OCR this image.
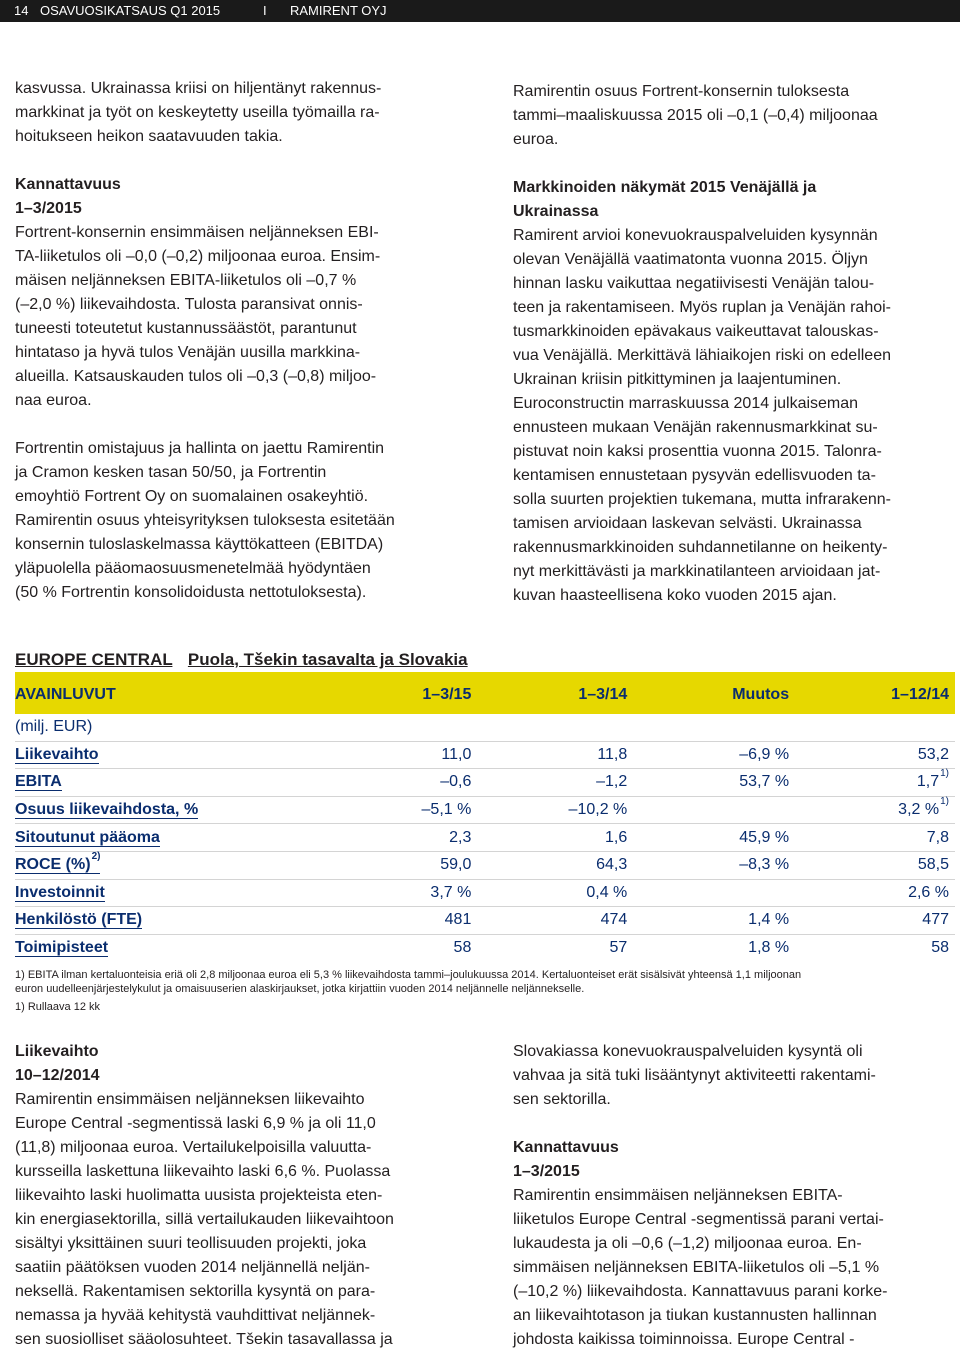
14 OSAVUOSIKATSAUS Q1 2015	I RAMIRENT OYJ

kasvussa. Ukrainassa kriisi on hiljentänyt rakennus-

markkinat ja työt on keskeytetty useilla työmailla ra-

hoitukseen heikon saatavuuden takia.

Kannattavuus

1–3/2015

Fortrent-konsernin ensimmäisen neljänneksen EBI-

TA-liiketulos oli –0,0 (–0,2) miljoonaa euroa. Ensim-

mäisen neljänneksen EBITA-liiketulos oli –0,7 %

(–2,0 %) liikevaihdosta. Tulosta paransivat onnis-

tuneesti toteutetut kustannussäästöt, parantunut

hintataso ja hyvä tulos Venäjän uusilla markkina-

alueilla. Katsauskauden tulos oli –0,3 (–0,8) miljoo-

naa euroa.

Fortrentin omistajuus ja hallinta on jaettu Ramirentin

ja Cramon kesken tasan 50/50, ja Fortrentin

emoyhtiö Fortrent Oy on suomalainen osakeyhtiö.

Ramirentin osuus yhteisyrityksen tuloksesta esitetään

konsernin tuloslaskelmassa käyttökatteen (EBITDA)

yläpuolella pääomaosuusmenetelmää hyödyntäen

(50 % Fortrentin konsolidoidusta nettotuloksesta).

Ramirentin osuus Fortrent-konsernin tuloksesta

tammi–maaliskuussa 2015 oli –0,1 (–0,4) miljoonaa

euroa.

Markkinoiden näkymät 2015 Venäjällä ja

Ukrainassa

Ramirent arvioi konevuokrauspalveluiden kysynnän

olevan Venäjällä vaatimatonta vuonna 2015. Öljyn

hinnan lasku vaikuttaa negatiivisesti Venäjän talou-

teen ja rakentamiseen. Myös ruplan ja Venäjän rahoi-

tusmarkkinoiden epävakaus vaikeuttavat talouskas-

vua Venäjällä. Merkittävä lähiaikojen riski on edelleen

Ukrainan kriisin pitkittyminen ja laajentuminen.

Euroconstructin marraskuussa 2014 julkaiseman

ennusteen mukaan Venäjän rakennusmarkkinat su-

pistuvat noin kaksi prosenttia vuonna 2015. Talonra-

kentamisen ennustetaan pysyvän edellisvuoden ta-

solla suurten projektien tukemana, mutta infrarakenn-

tamisen arvioidaan laskevan selvästi. Ukrainassa

rakennusmarkkinoiden suhdannetilanne on heikenty-

nyt merkittävästi ja markkinatilanteen arvioidaan jat-

kuvan haasteellisena koko vuoden 2015 ajan.

EUROPE CENTRAL Puola, Tšekin tasavalta ja Slovakia
AVAINLUVUT	1–3/15	1–3/14	Muutos	1–12/14
(milj. EUR)				
Liikevaihto	11,0	11,8	–6,9 %	53,2
EBITA	–0,6	–1,2	53,7 %	1,7$^{1)}$
Osuus liikevaihdosta, %	–5,1 %	–10,2 %		3,2 %$^{1)}$
Sitoutunut pääoma	2,3	1,6	45,9 %	7,8
ROCE (%)$^{2)}$	59,0	64,3	–8,3 %	58,5
Investoinnit	3,7 %	0,4 %		2,6 %
Henkilöstö (FTE)	481	474	1,4 %	477
Toimipisteet	58	57	1,8 %	58
1) EBITA ilman kertaluonteisia eriä oli 2,8 miljoonaa euroa eli 5,3 % liikevaihdosta tammi–joulukuussa 2014. Kertaluonteiset erät sisälsivät yhteensä 1,1 miljoonan
euron uudelleenjärjestelykulut ja omaisuuserien alaskirjaukset, jotka kirjattiin vuoden 2014 neljännelle neljännekselle.
1) Rullaava 12 kk

Liikevaihto

10–12/2014

Ramirentin ensimmäisen neljänneksen liikevaihto

Europe Central -segmentissä laski 6,9 % ja oli 11,0

(11,8) miljoonaa euroa. Vertailukelpoisilla valuutta-

kursseilla laskettuna liikevaihto laski 6,6 %. Puolassa

liikevaihto laski huolimatta uusista projekteista eten-

kin energiasektorilla, sillä vertailukauden liikevaihtoon

sisältyi yksittäinen suuri teollisuuden projekti, joka

saatiin päätöksen vuoden 2014 neljännellä neljän-

neksellä. Rakentamisen sektorilla kysyntä on para-

nemassa ja hyvää kehitystä vauhdittivat neljännek-

sen suosiolliset sääolosuhteet. Tšekin tasavallassa ja

Slovakiassa konevuokrauspalveluiden kysyntä oli

vahvaa ja sitä tuki lisääntynyt aktiviteetti rakentami-

sen sektorilla.

Kannattavuus

1–3/2015

Ramirentin ensimmäisen neljänneksen EBITA-

liiketulos Europe Central -segmentissä parani vertai-

lukaudesta ja oli –0,6 (–1,2) miljoonaa euroa. En-

simmäisen neljänneksen EBITA-liiketulos oli –5,1 %

(–10,2 %) liikevaihdosta. Kannattavuus parani korke-

an liikevaihtotason ja tiukan kustannusten hallinnan

johdosta kaikissa toiminnoissa. Europe Central -
